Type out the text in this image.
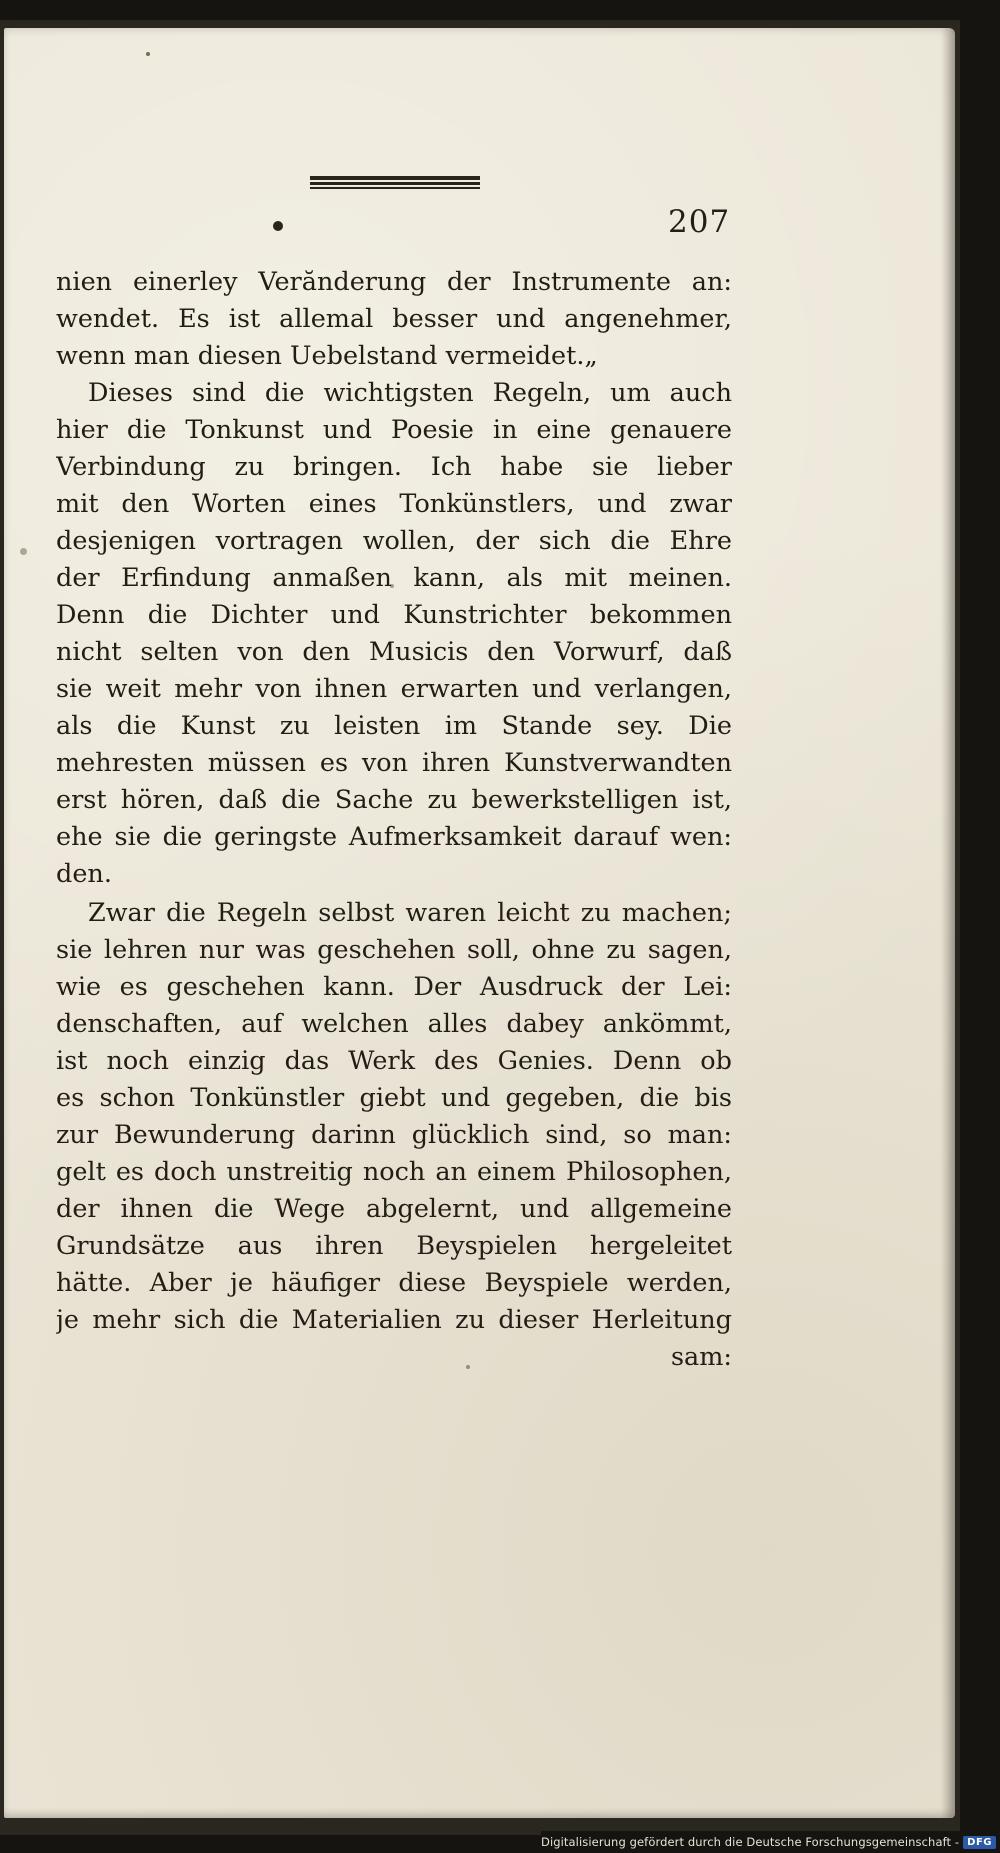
207

nien einerley Verănderung der Instrumente an:
wendet. Es ist allemal besser und angenehmer,
wenn man diesen Uebelstand vermeidet.„
Dieses sind die wichtigsten Regeln, um auch
hier die Tonkunst und Poesie in eine genauere
Verbindung zu bringen. Ich habe sie lieber
mit den Worten eines Tonkünstlers, und zwar
desjenigen vortragen wollen, der sich die Ehre
der Erfindung anmaßen kann, als mit meinen.
Denn die Dichter und Kunstrichter bekommen
nicht selten von den Musicis den Vorwurf, daß
sie weit mehr von ihnen erwarten und verlangen,
als die Kunst zu leisten im Stande sey. Die
mehresten müssen es von ihren Kunstverwandten
erst hören, daß die Sache zu bewerkstelligen ist,
ehe sie die geringste Aufmerksamkeit darauf wen:
den.
Zwar die Regeln selbst waren leicht zu machen;
sie lehren nur was geschehen soll, ohne zu sagen,
wie es geschehen kann. Der Ausdruck der Lei:
denschaften, auf welchen alles dabey ankömmt,
ist noch einzig das Werk des Genies. Denn ob
es schon Tonkünstler giebt und gegeben, die bis
zur Bewunderung darinn glücklich sind, so man:
gelt es doch unstreitig noch an einem Philosophen,
der ihnen die Wege abgelernt, und allgemeine
Grundsätze aus ihren Beyspielen hergeleitet
hätte. Aber je häufiger diese Beyspiele werden,
je mehr sich die Materialien zu dieser Herleitung
sam:
Digitalisierung gefördert durch die Deutsche Forschungsgemeinschaft - DFG
